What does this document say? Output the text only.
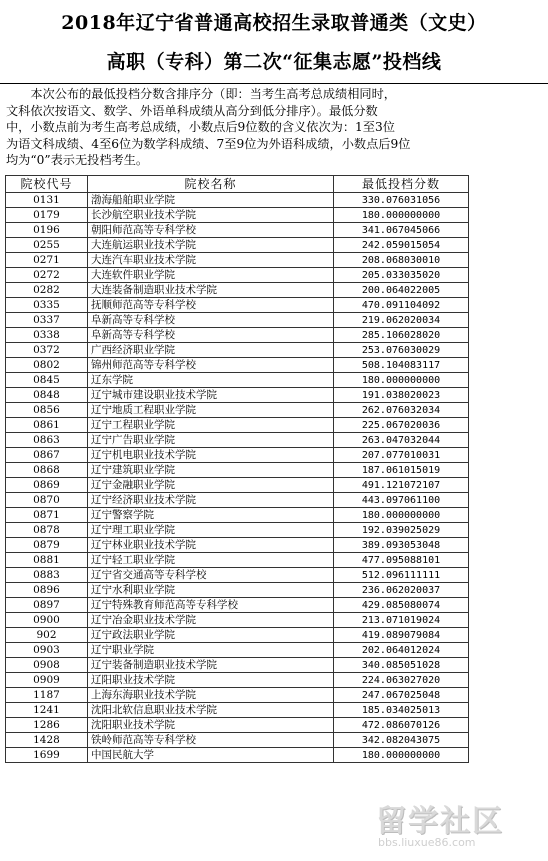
2018年辽宁省普通高校招生录取普通类（文史）
高职（专科）第二次“征集志愿”投档线
　　本次公布的最低投档分数含排序分（即：当考生高考总成绩相同时，
文科依次按语文、数学、外语单科成绩从高分到低分排序）。最低分数
中，小数点前为考生高考总成绩，小数点后9位数的含义依次为：1至3位
为语文科成绩、4至6位为数学科成绩、7至9位为外语科成绩，小数点后9位
均为“0”表示无投档考生。
院校代号	院校名称	最低投档分数
0131	渤海船舶职业学院	330.076031056
0179	长沙航空职业技术学院	180.000000000
0196	朝阳师范高等专科学校	341.067045066
0255	大连航运职业技术学院	242.059015054
0271	大连汽车职业技术学院	208.068030010
0272	大连软件职业学院	205.033035020
0282	大连装备制造职业技术学院	200.064022005
0335	抚顺师范高等专科学校	470.091104092
0337	阜新高等专科学校	219.062020034
0338	阜新高等专科学校	285.106028020
0372	广西经济职业学院	253.076030029
0802	锦州师范高等专科学校	508.104083117
0845	辽东学院	180.000000000
0848	辽宁城市建设职业技术学院	191.038020023
0856	辽宁地质工程职业学院	262.076032034
0861	辽宁工程职业学院	225.067020036
0863	辽宁广告职业学院	263.047032044
0867	辽宁机电职业技术学院	207.077010031
0868	辽宁建筑职业学院	187.061015019
0869	辽宁金融职业学院	491.121072107
0870	辽宁经济职业技术学院	443.097061100
0871	辽宁警察学院	180.000000000
0878	辽宁理工职业学院	192.039025029
0879	辽宁林业职业技术学院	389.093053048
0881	辽宁轻工职业学院	477.095088101
0883	辽宁省交通高等专科学校	512.096111111
0896	辽宁水利职业学院	236.062020037
0897	辽宁特殊教育师范高等专科学校	429.085080074
0900	辽宁冶金职业技术学院	213.071019024
902	辽宁政法职业学院	419.089079084
0903	辽宁职业学院	202.064012024
0908	辽宁装备制造职业技术学院	340.085051028
0909	辽阳职业技术学院	224.063027020
1187	上海东海职业技术学院	247.067025048
1241	沈阳北软信息职业技术学院	185.034025013
1286	沈阳职业技术学院	472.086070126
1428	铁岭师范高等专科学校	342.082043075
1699	中国民航大学	180.000000000
留学社区
bbs.liuxue86.com
